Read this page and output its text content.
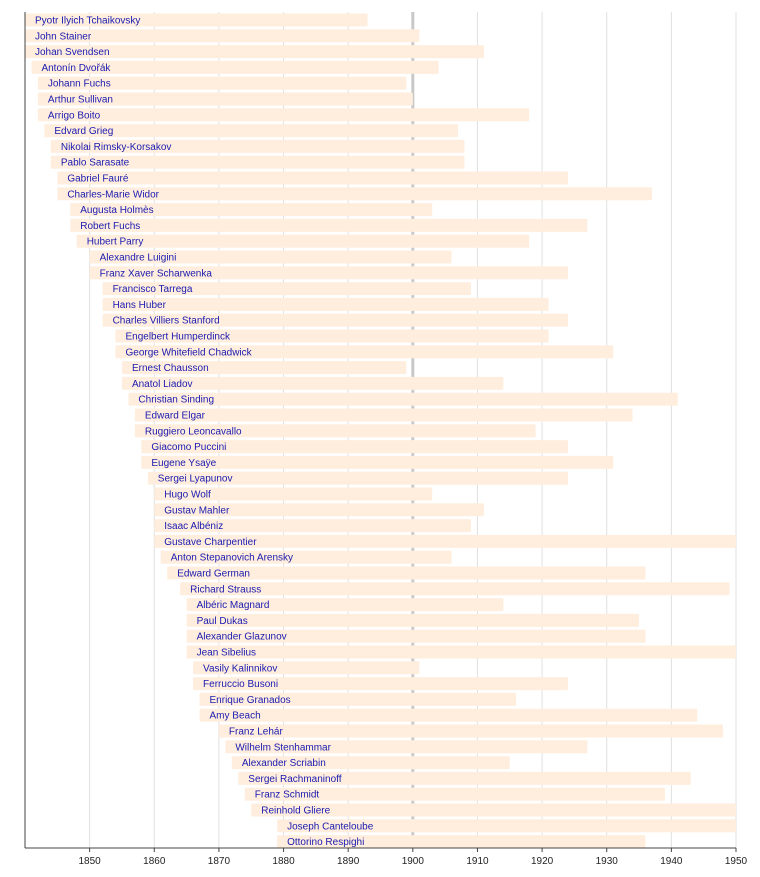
Pyotr Ilyich Tchaikovsky
John Stainer
Johan Svendsen
Antonín Dvořák
Johann Fuchs
Arthur Sullivan
Arrigo Boito
Edvard Grieg
Nikolai Rimsky-Korsakov
Pablo Sarasate
Gabriel Fauré
Charles-Marie Widor
Augusta Holmès
Robert Fuchs
Hubert Parry
Alexandre Luigini
Franz Xaver Scharwenka
Francisco Tarrega
Hans Huber
Charles Villiers Stanford
Engelbert Humperdinck
George Whitefield Chadwick
Ernest Chausson
Anatol Liadov
Christian Sinding
Edward Elgar
Ruggiero Leoncavallo
Giacomo Puccini
Eugene Ysaÿe
Sergei Lyapunov
Hugo Wolf
Gustav Mahler
Isaac Albéniz
Gustave Charpentier
Anton Stepanovich Arensky
Edward German
Richard Strauss
Albéric Magnard
Paul Dukas
Alexander Glazunov
Jean Sibelius
Vasily Kalinnikov
Ferruccio Busoni
Enrique Granados
Amy Beach
Franz Lehár
Wilhelm Stenhammar
Alexander Scriabin
Sergei Rachmaninoff
Franz Schmidt
Reinhold Gliere
Joseph Canteloube
Ottorino Respighi
1850	1860	1870	1880	1890	1900	1910	1920	1930	1940	1950
